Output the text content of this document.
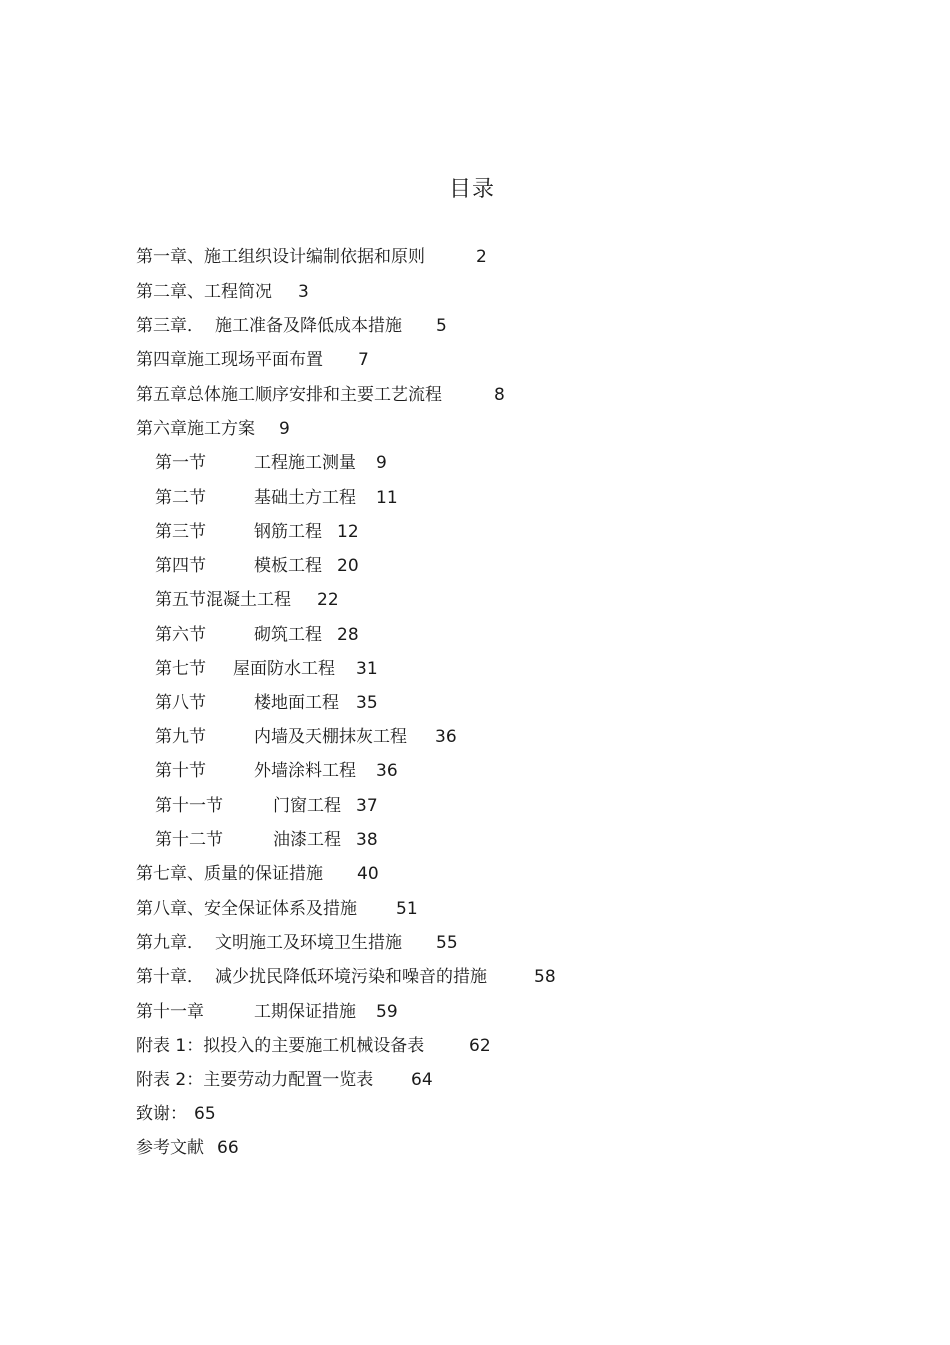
目录
第一章、施工组织设计编制依据和原则	2
第二章、工程简况 3
第三章． 施工准备及降低成本措施 5
第四章施工现场平面布置 7
第五章总体施工顺序安排和主要工艺流程	8
第六章施工方案 9
第一节	工程施工测量 9
第二节	基础土方工程 11
第三节	钢筋工程 12
第四节	模板工程 20
第五节混凝土工程 22
第六节	砌筑工程 28
第七节 屋面防水工程 31
第八节	楼地面工程 35
第九节	内墙及天棚抹灰工程 36
第十节	外墙涂料工程 36
第十一节	门窗工程 37
第十二节	油漆工程 38
第七章、质量的保证措施 40
第八章、安全保证体系及措施 51
第九章． 文明施工及环境卫生措施 55
第十章． 减少扰民降低环境污染和噪音的措施	58
第十一章	工期保证措施 59
附表 1：拟投入的主要施工机械设备表	62
附表 2：主要劳动力配置一览表 64
致谢： 65
参考文献 66
